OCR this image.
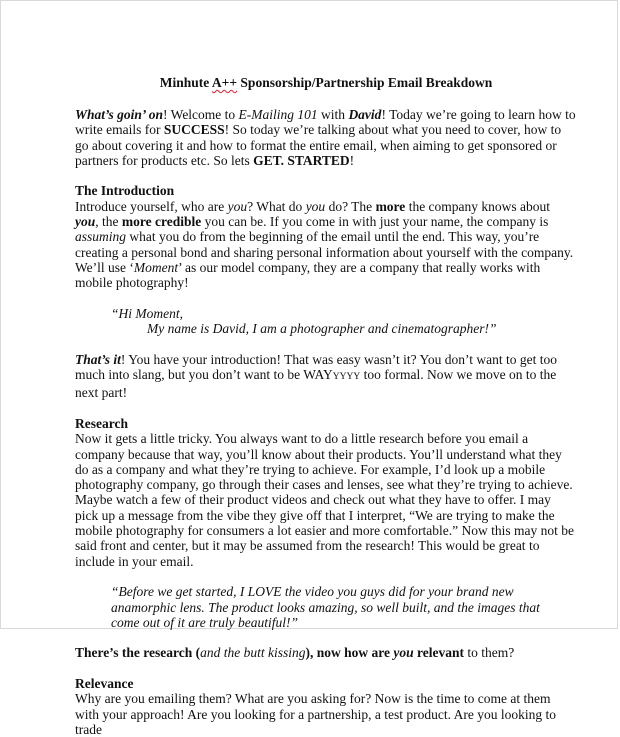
Minhute A++ Sponsorship/Partnership Email Breakdown

What’s goin’ on! Welcome to E-Mailing 101 with David! Today we’re going to learn how to write emails for SUCCESS! So today we’re talking about what you need to cover, how to go about covering it and how to format the entire email, when aiming to get sponsored or partners for products etc. So lets GET. STARTED!

The Introduction

Introduce yourself, who are you? What do you do? The more the company knows about you, the more credible you can be. If you come in with just your name, the company is assuming what you do from the beginning of the email until the end. This way, you’re creating a personal bond and sharing personal information about yourself with the company. We’ll use ‘Moment’ as our model company, they are a company that really works with mobile photography!

“Hi Moment,
My name is David, I am a photographer and cinematographer!”

That’s it! You have your introduction! That was easy wasn’t it? You don’t want to get too much into slang, but you don’t want to be WAYYYYY too formal. Now we move on to the next part!

Research

Now it gets a little tricky. You always want to do a little research before you email a company because that way, you’ll know about their products. You’ll understand what they do as a company and what they’re trying to achieve. For example, I’d look up a mobile photography company, go through their cases and lenses, see what they’re trying to achieve. Maybe watch a few of their product videos and check out what they have to offer. I may pick up a message from the vibe they give off that I interpret, “We are trying to make the mobile photography for consumers a lot easier and more comfortable.” Now this may not be said front and center, but it may be assumed from the research! This would be great to include in your email.

“Before we get started, I LOVE the video you guys did for your brand new anamorphic lens. The product looks amazing, so well built, and the images that come out of it are truly beautiful!”

There’s the research (and the butt kissing), now how are you relevant to them?

Relevance

Why are you emailing them? What are you asking for? Now is the time to come at them with your approach! Are you looking for a partnership, a test product. Are you looking to trade
